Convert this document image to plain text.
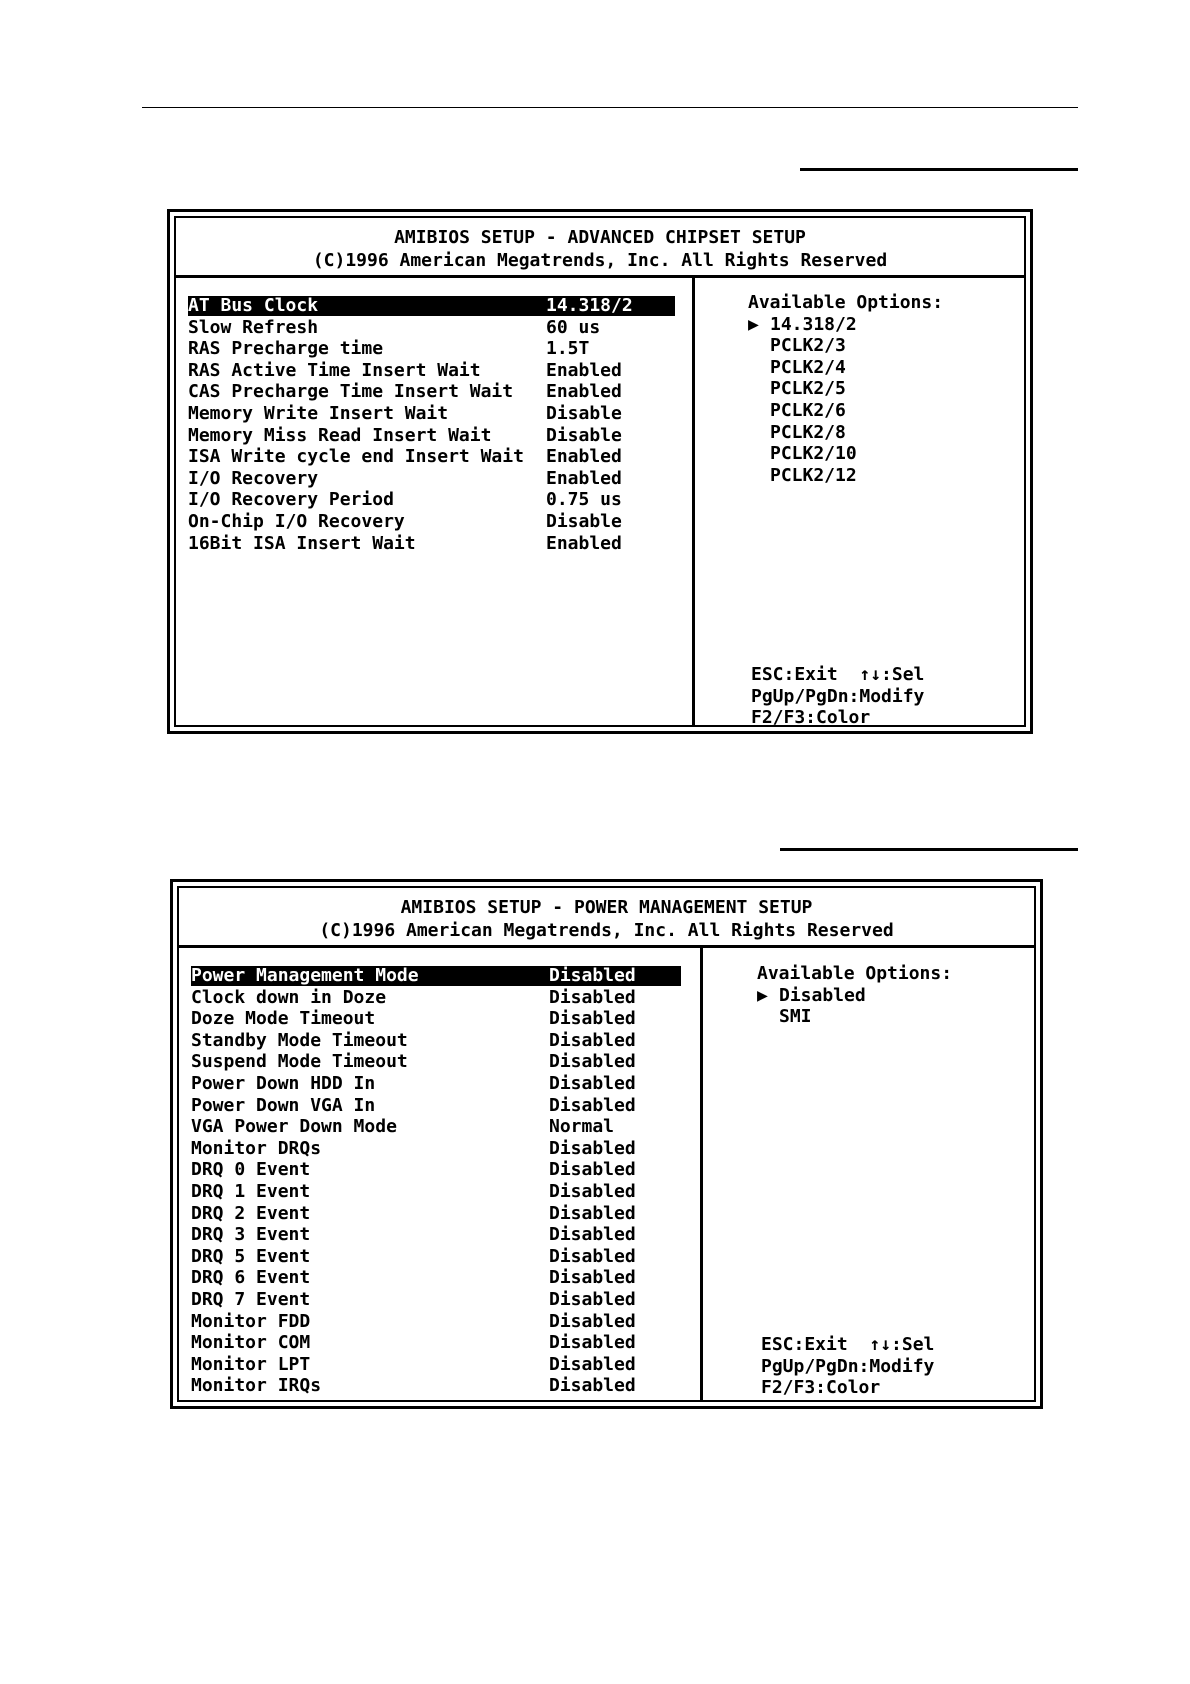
AMIBIOS SETUP - ADVANCED CHIPSET SETUP
(C)1996 American Megatrends, Inc. All Rights Reserved
AT Bus Clock	14.318/2
Slow Refresh	60 us
RAS Precharge time	1.5T
RAS Active Time Insert Wait	Enabled
CAS Precharge Time Insert Wait Enabled
Memory Write Insert Wait	Disable
Memory Miss Read Insert Wait	Disable
ISA Write cycle end Insert Wait Enabled
I/O Recovery	Enabled
I/O Recovery Period	0.75 us
On-Chip I/O Recovery	Disable
16Bit ISA Insert Wait	Enabled
Available Options:
▶ 14.318/2
PCLK2/3
PCLK2/4
PCLK2/5
PCLK2/6
PCLK2/8
PCLK2/10
PCLK2/12
ESC:Exit  ↑↓:Sel
PgUp/PgDn:Modify
F2/F3:Color
AMIBIOS SETUP - POWER MANAGEMENT SETUP
(C)1996 American Megatrends, Inc. All Rights Reserved
Power Management Mode	Disabled
Clock down in Doze	Disabled
Doze Mode Timeout	Disabled
Standby Mode Timeout	Disabled
Suspend Mode Timeout	Disabled
Power Down HDD In	Disabled
Power Down VGA In	Disabled
VGA Power Down Mode	Normal
Monitor DRQs	Disabled
DRQ 0 Event	Disabled
DRQ 1 Event	Disabled
DRQ 2 Event	Disabled
DRQ 3 Event	Disabled
DRQ 5 Event	Disabled
DRQ 6 Event	Disabled
DRQ 7 Event	Disabled
Monitor FDD	Disabled
Monitor COM	Disabled
Monitor LPT	Disabled
Monitor IRQs	Disabled
Available Options:
▶ Disabled
SMI
ESC:Exit  ↑↓:Sel
PgUp/PgDn:Modify
F2/F3:Color
